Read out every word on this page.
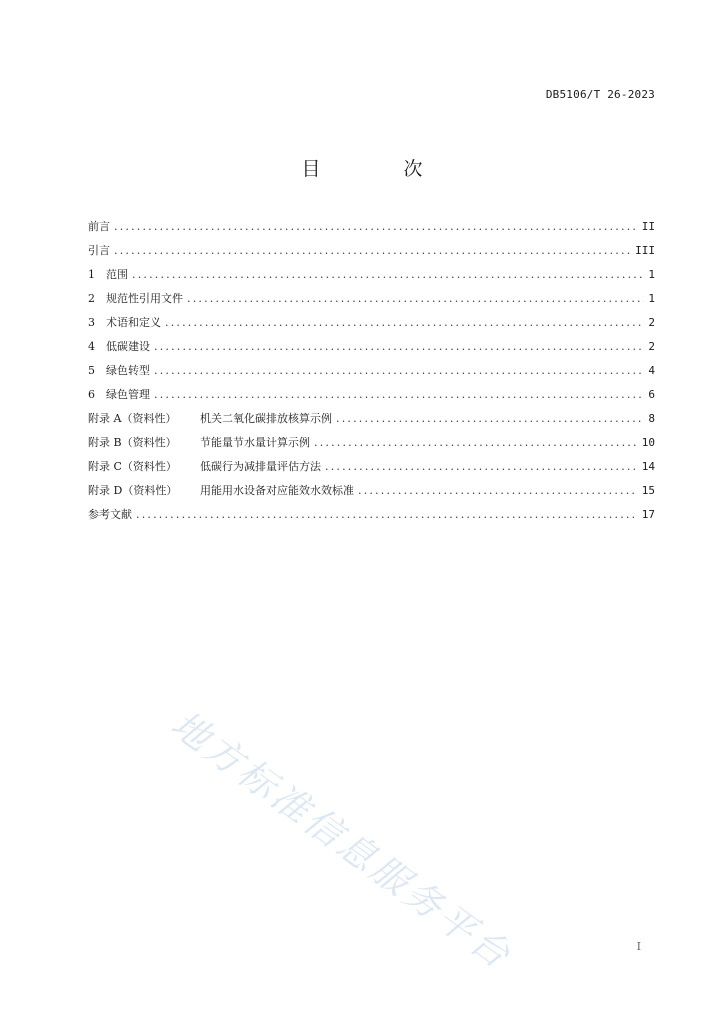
DB5106/T 26-2023
目　次
前言 .....	II
引言 .....	III
1 范围 .....	1
2 规范性引用文件 .....	1
3 术语和定义 .....	2
4 低碳建设 .....	2
5 绿色转型 .....	4
6 绿色管理 .....	6
附录 A（资料性） 机关二氧化碳排放核算示例 .....	8
附录 B（资料性） 节能量节水量计算示例 .....	10
附录 C（资料性） 低碳行为减排量评估方法 .....	14
附录 D（资料性） 用能用水设备对应能效水效标准 .....	15
参考文献 .....	17
地方标准信息服务平台	I
